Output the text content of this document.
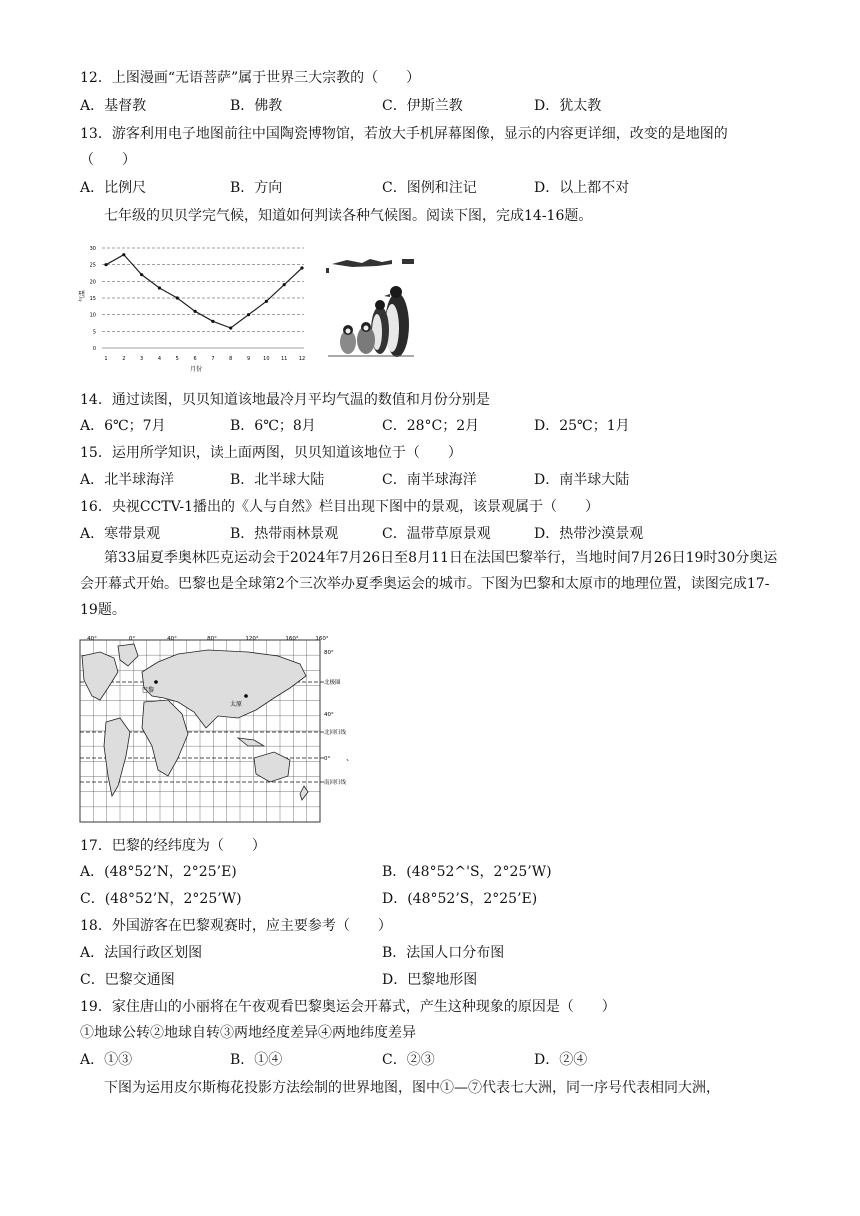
12．上图漫画“无语菩萨”属于世界三大宗教的（　　）
A．基督教	B．佛教	C．伊斯兰教	D．犹太教
13．游客利用电子地图前往中国陶瓷博物馆，若放大手机屏幕图像，显示的内容更详细，改变的是地图的
（　　）
A．比例尺	B．方向	C．图例和注记	D．以上都不对
七年级的贝贝学完气候，知道如何判读各种气候图。阅读下图，完成14-16题。
30
25
20
15
10
5
0
1	2	3	4	5	6	7	8	9	10 11 12
气温
月份
14．通过读图，贝贝知道该地最冷月平均气温的数值和月份分别是
A．6℃；7月	B．6℃；8月	C．28°C；2月	D．25℃；1月
15．运用所学知识，读上面两图，贝贝知道该地位于（　　）
A．北半球海洋	B．北半球大陆	C．南半球海洋	D．南半球大陆
16．央视CCTV-1播出的《人与自然》栏目出现下图中的景观，该景观属于（　　）
A．寒带景观	B．热带雨林景观	C．温带草原景观	D．热带沙漠景观
第33届夏季奥林匹克运动会于2024年7月26日至8月11日在法国巴黎举行，当地时间7月26日19时30分奥运会开幕式开始。巴黎也是全球第2个三次举办夏季奥运会的城市。下图为巴黎和太原市的地理位置，读图完成17-19题。
巴黎
太原
40°	0°	40°	80°	120°	160°	160°
80°
北极圈
40°
北回归线
0°
南回归线
、
17．巴黎的经纬度为（　　）
A．(48°52’N，2°25’E)	B．(48°52^'S，2°25’W)
C．(48°52’N，2°25’W)	D．(48°52’S，2°25’E)
18．外国游客在巴黎观赛时，应主要参考（　　）
A．法国行政区划图	B．法国人口分布图
C．巴黎交通图	D．巴黎地形图
19．家住唐山的小丽将在午夜观看巴黎奥运会开幕式，产生这种现象的原因是（　　）
①地球公转②地球自转③两地经度差异④两地纬度差异
A．①③	B．①④	C．②③	D．②④
下图为运用皮尔斯梅花投影方法绘制的世界地图，图中①—⑦代表七大洲，同一序号代表相同大洲，
